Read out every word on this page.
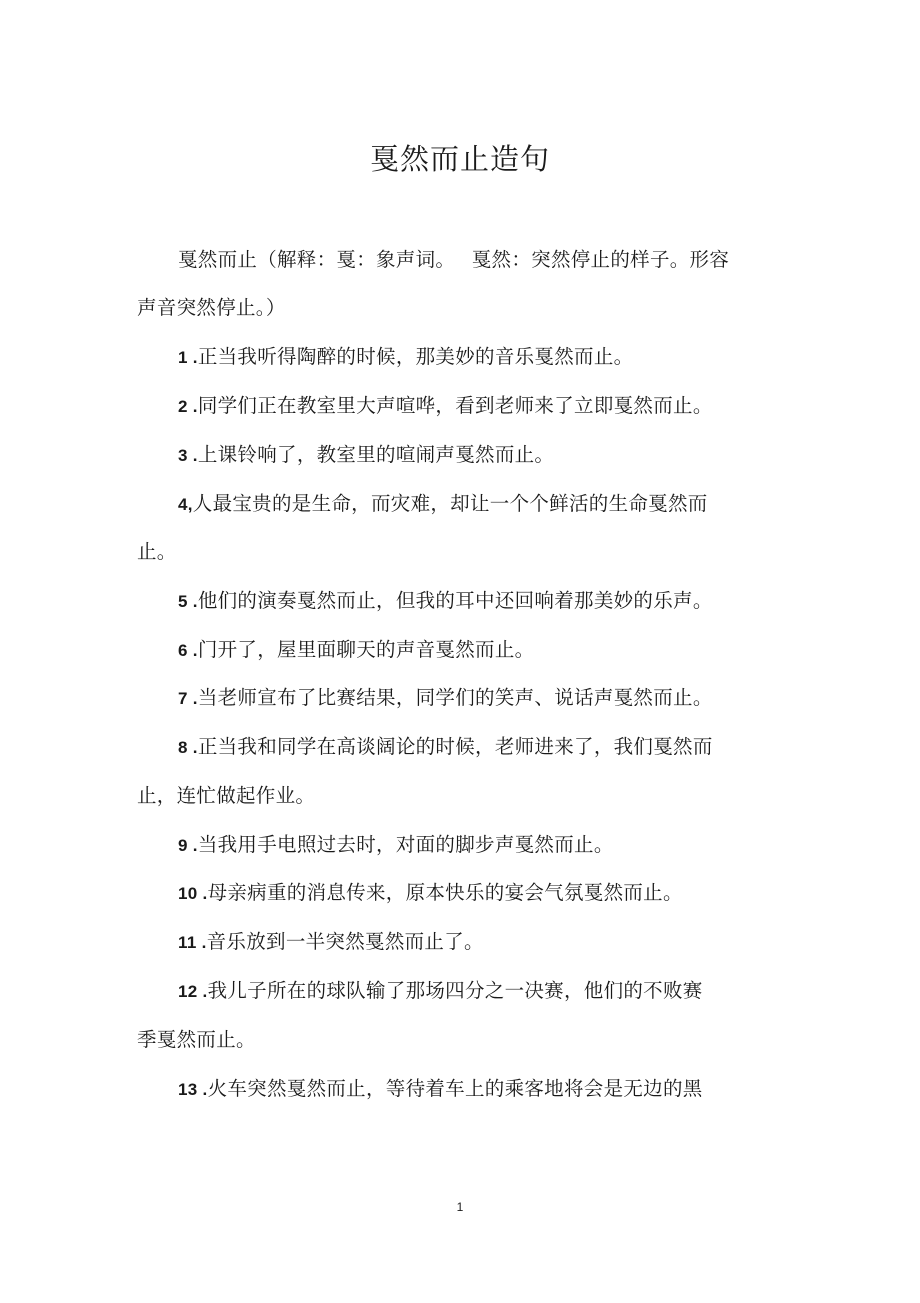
戛然而止造句
戛然而止（解释：戛：象声词。　 戛然：突然停止的样子。形容
声音突然停止。）
1 .正当我听得陶醉的时候，那美妙的音乐戛然而止。
2 .同学们正在教室里大声喧哗，看到老师来了立即戛然而止。
3 .上课铃响了，教室里的喧闹声戛然而止。
4,人最宝贵的是生命，而灾难，却让一个个鲜活的生命戛然而
止。
5 .他们的演奏戛然而止，但我的耳中还回响着那美妙的乐声。
6 .门开了，屋里面聊天的声音戛然而止。
7 .当老师宣布了比赛结果，同学们的笑声、说话声戛然而止。
8 .正当我和同学在高谈阔论的时候，老师进来了，我们戛然而
止，连忙做起作业。
9 .当我用手电照过去时，对面的脚步声戛然而止。
10 .母亲病重的消息传来，原本快乐的宴会气氛戛然而止。
11 .音乐放到一半突然戛然而止了。
12 .我儿子所在的球队输了那场四分之一决赛，他们的不败赛
季戛然而止。
13 .火车突然戛然而止，等待着车上的乘客地将会是无边的黑
1
